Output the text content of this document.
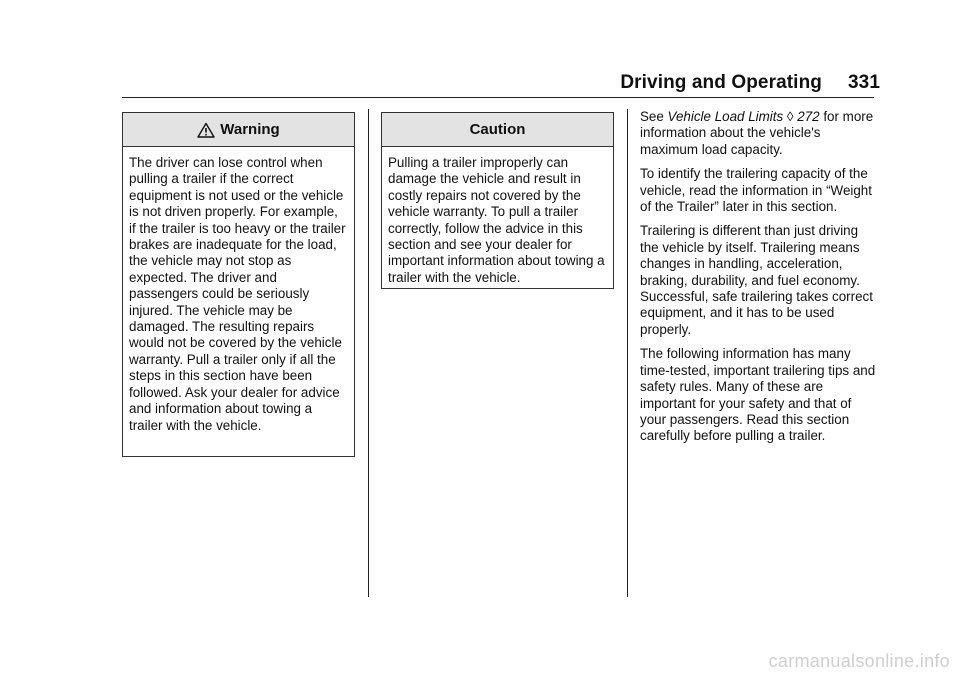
Driving and Operating 331
Warning
The driver can lose control when pulling a trailer if the correct equipment is not used or the vehicle is not driven properly. For example, if the trailer is too heavy or the trailer brakes are inadequate for the load, the vehicle may not stop as expected. The driver and passengers could be seriously injured. The vehicle may be damaged. The resulting repairs would not be covered by the vehicle warranty. Pull a trailer only if all the steps in this section have been followed. Ask your dealer for advice and information about towing a trailer with the vehicle.
Caution
Pulling a trailer improperly can damage the vehicle and result in costly repairs not covered by the vehicle warranty. To pull a trailer correctly, follow the advice in this section and see your dealer for important information about towing a trailer with the vehicle.

See Vehicle Load Limits ◊ 272 for more information about the vehicle's maximum load capacity.

To identify the trailering capacity of the vehicle, read the information in “Weight of the Trailer” later in this section.

Trailering is different than just driving the vehicle by itself. Trailering means changes in handling, acceleration, braking, durability, and fuel economy. Successful, safe trailering takes correct equipment, and it has to be used properly.

The following information has many time-tested, important trailering tips and safety rules. Many of these are important for your safety and that of your passengers. Read this section carefully before pulling a trailer.

carmanualsonline.info
